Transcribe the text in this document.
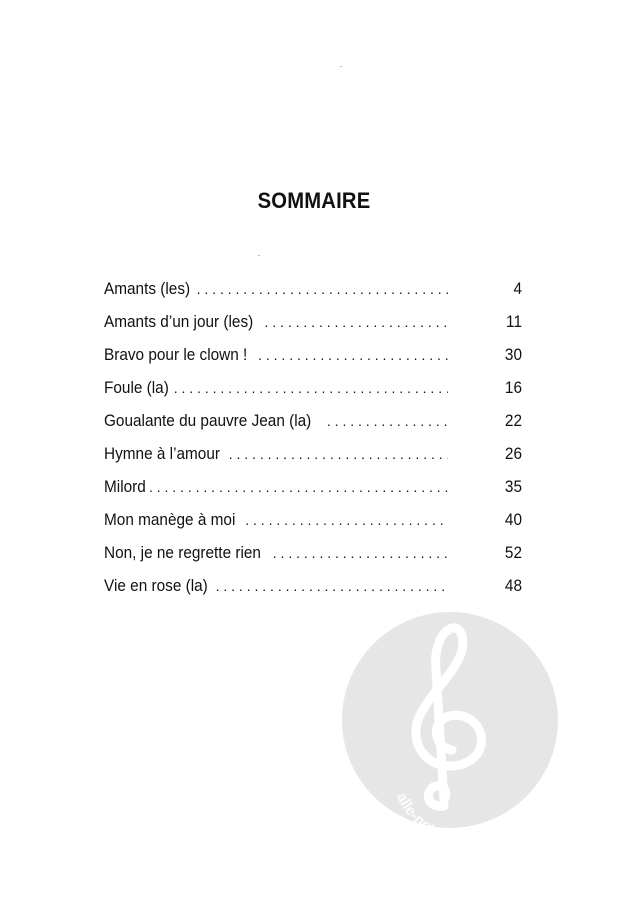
SOMMAIRE
Amants (les) . . .	4
Amants d’un jour (les) . . .	11
Bravo pour le clown ! . . .	30
Foule (la) . . .	16
Goualante du pauvre Jean (la) . . .	22
Hymne à l’amour . . .	26
Milord . . .	35
Mon manège à moi . . .	40
Non, je ne regrette rien . . .	52
Vie en rose (la) . . .	48
alle-not
